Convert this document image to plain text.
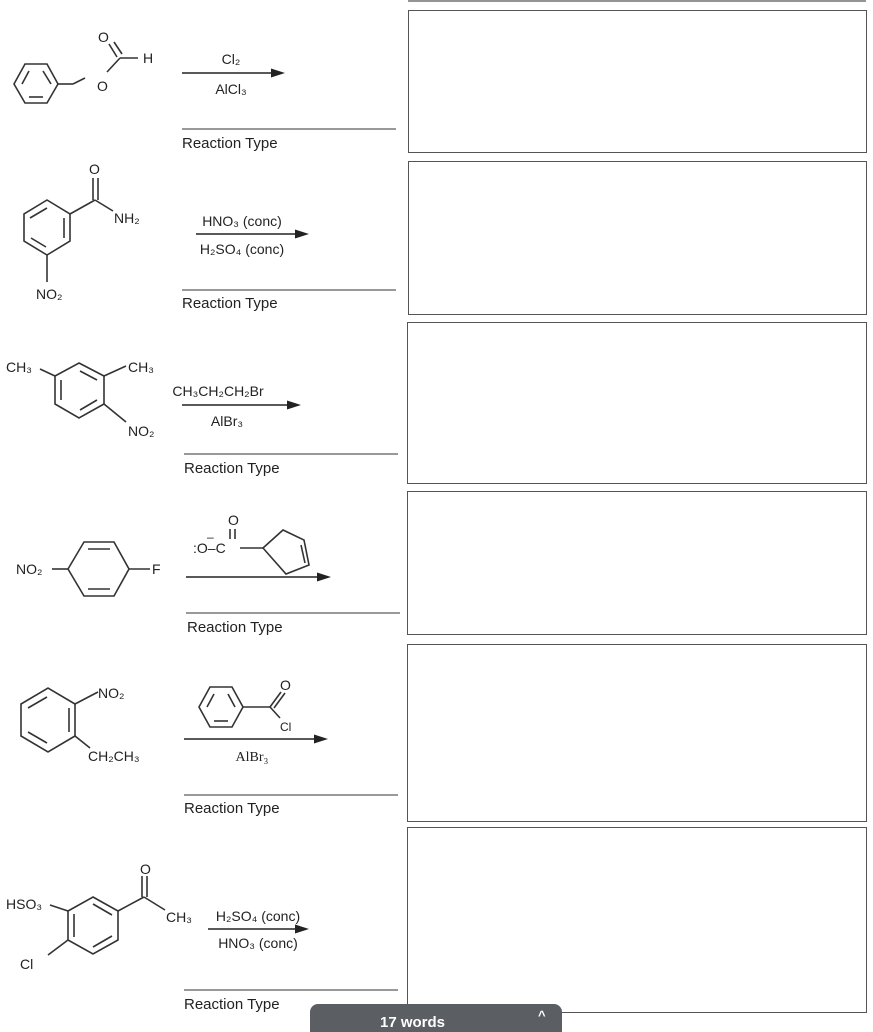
O
O
H	Cl₂
AlCl₃
Reaction Type
O
NH₂
NO₂
HNO₃ (conc)
H₂SO₄ (conc)
Reaction Type
CH₃	CH₃
NO₂
CH₃CH₂CH₂Br
AlBr₃
Reaction Type
NO₂	F
:O–C
O
–
Reaction Type
NO₂
CH₂CH₃
O
Cl
AlBr₃
Reaction Type
O
CH₃
HSO₃
Cl
H₂SO₄ (conc)
HNO₃ (conc)
Reaction Type
17 words	^
